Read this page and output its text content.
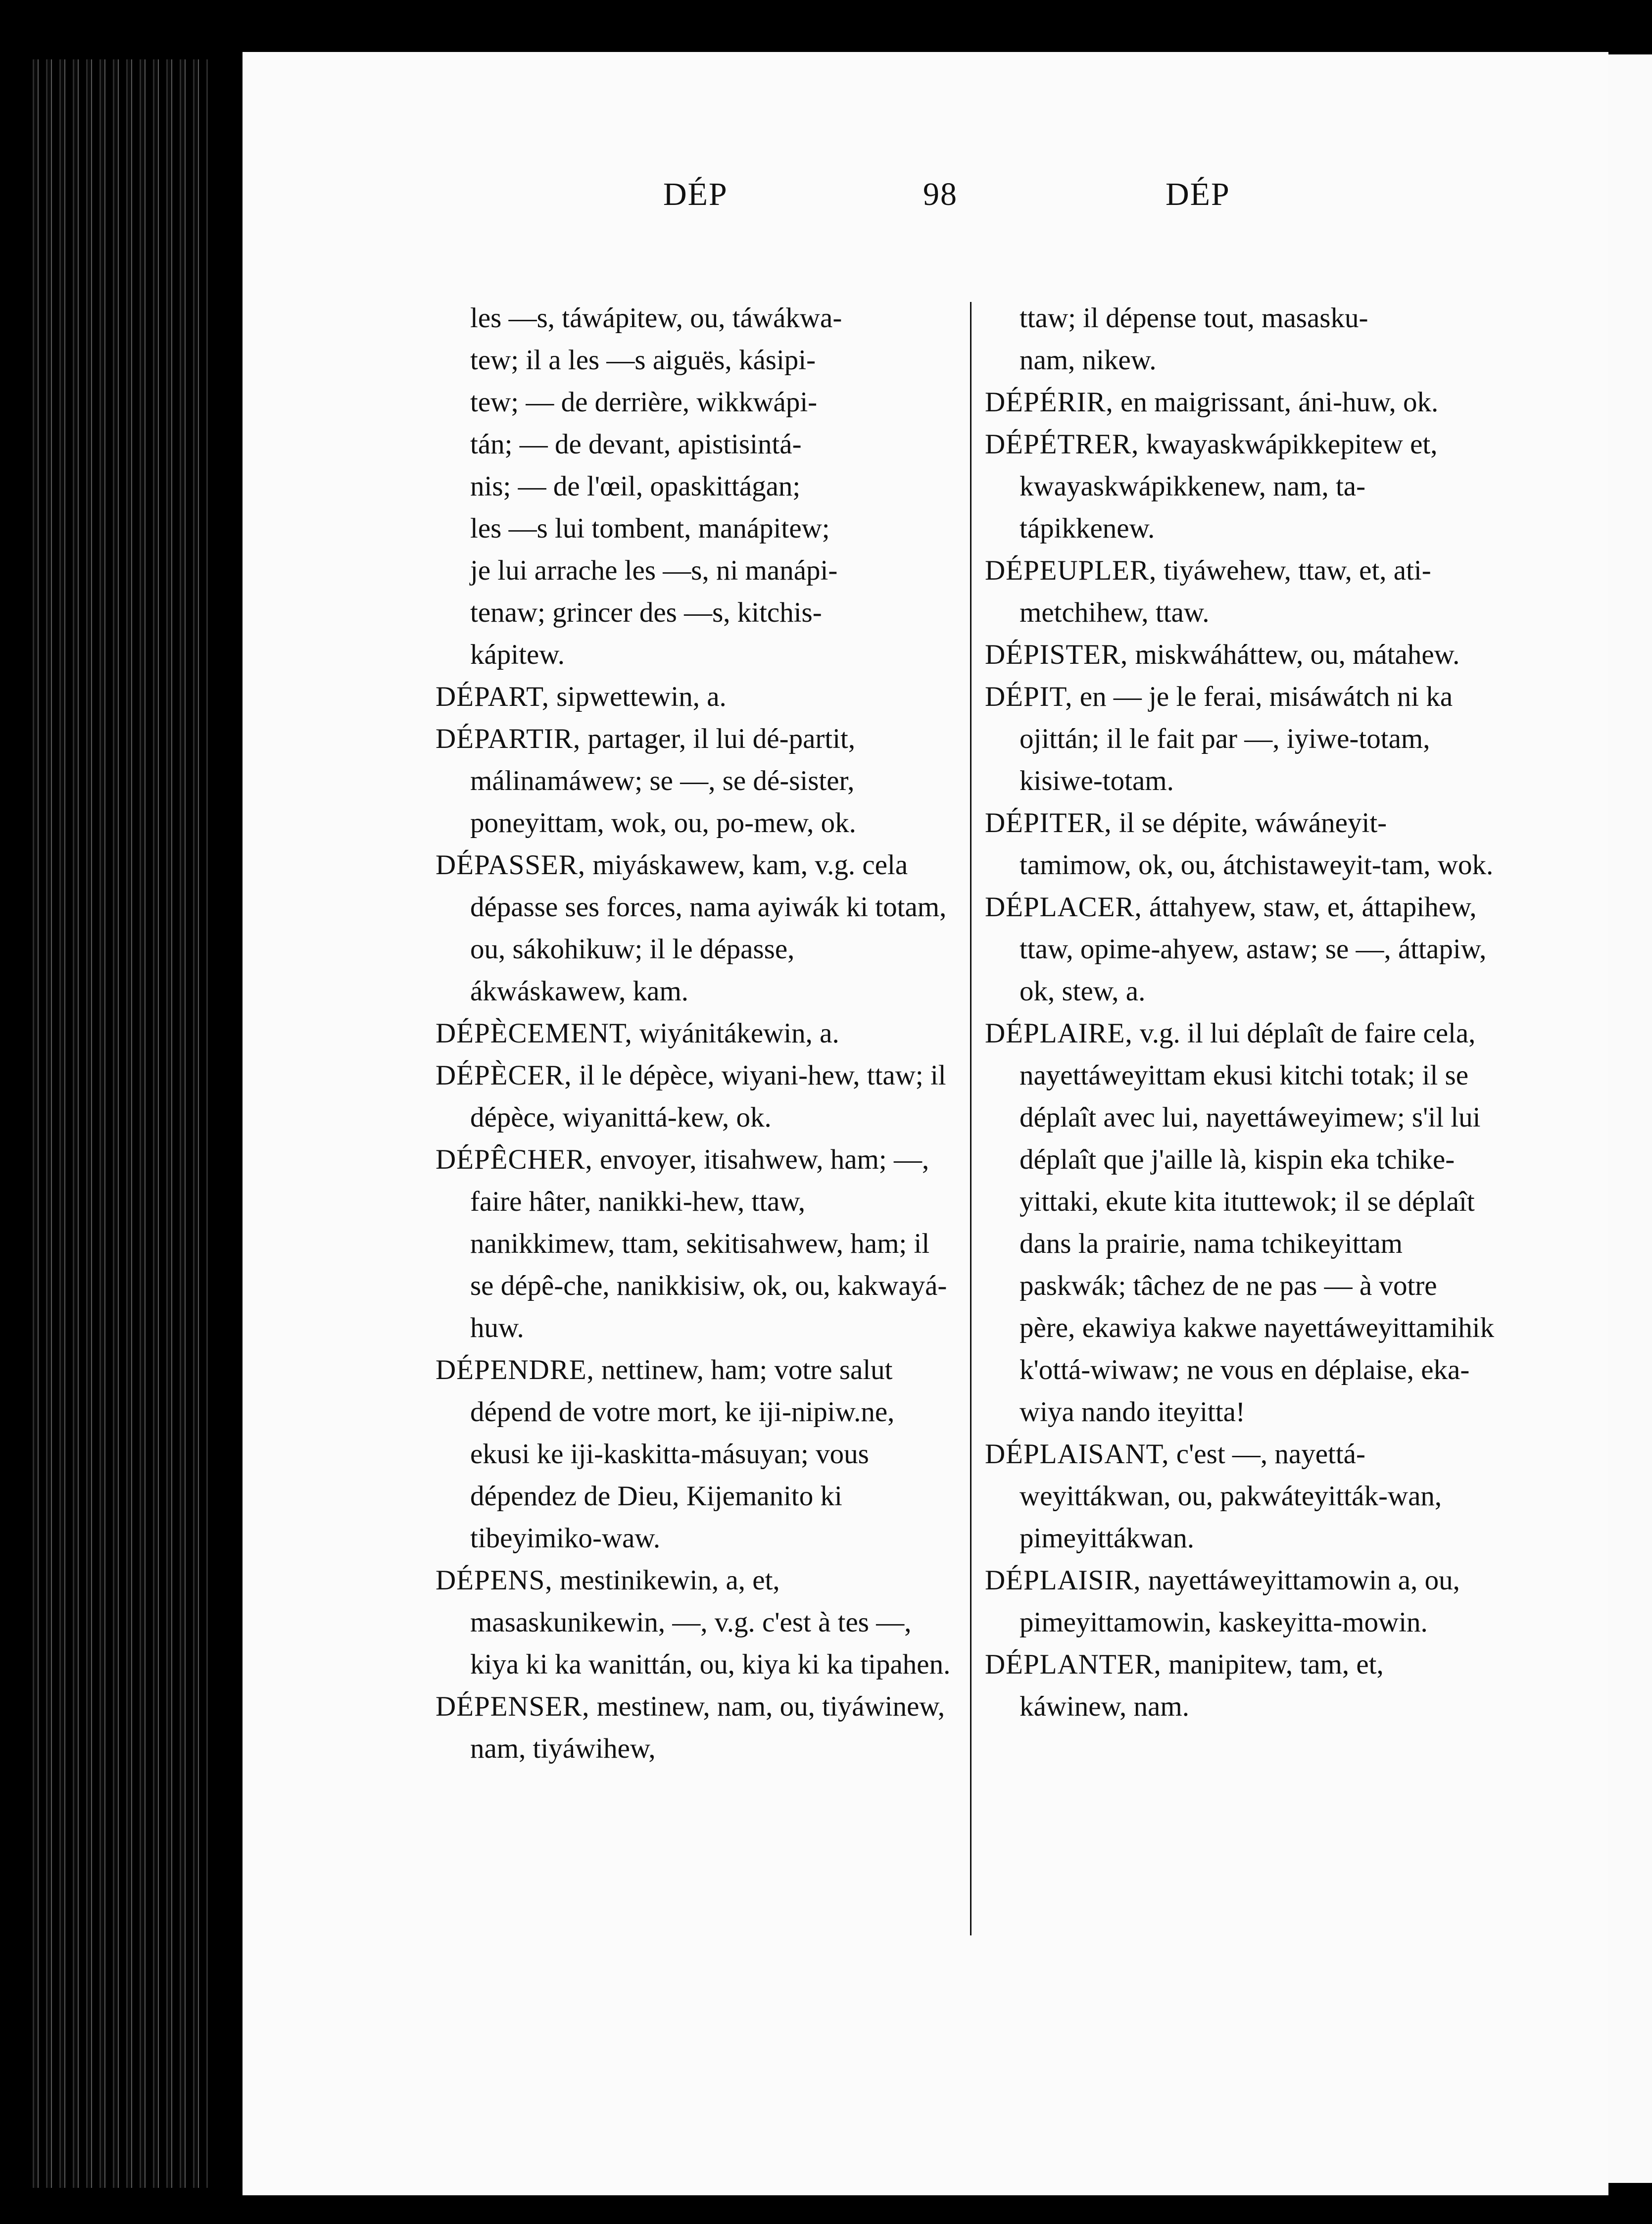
DÉP	98	DÉP

les —s, táwápitew, ou, táwákwa-

tew; il a les —s aiguës, kásipi-

tew; — de derrière, wikkwápi-

tán; — de devant, apistisintá-

nis; — de l'œil, opaskittágan;

les —s lui tombent, manápitew;

je lui arrache les —s, ni manápi-

tenaw; grincer des —s, kitchis-

kápitew.

DÉPART, sipwettewin, a.

DÉPARTIR, partager, il lui dé-partit, málinamáwew; se —, se dé-sister, poneyittam, wok, ou, po-mew, ok.

DÉPASSER, miyáskawew, kam, v.g. cela dépasse ses forces, nama ayiwák ki totam, ou, sákohikuw; il le dépasse, ákwáskawew, kam.

DÉPÈCEMENT, wiyánitákewin, a.

DÉPÈCER, il le dépèce, wiyani-hew, ttaw; il dépèce, wiyanittá-kew, ok.

DÉPÊCHER, envoyer, itisahwew, ham; —, faire hâter, nanikki-hew, ttaw, nanikkimew, ttam, sekitisahwew, ham; il se dépê-che, nanikkisiw, ok, ou, kakwayá-huw.

DÉPENDRE, nettinew, ham; votre salut dépend de votre mort, ke iji-nipiw.ne, ekusi ke iji-kaskitta-másuyan; vous dépendez de Dieu, Kijemanito ki tibeyimiko-waw.

DÉPENS, mestinikewin, a, et, masaskunikewin, —, v.g. c'est à tes —, kiya ki ka wanittán, ou, kiya ki ka tipahen.

DÉPENSER, mestinew, nam, ou, tiyáwinew, nam, tiyáwihew,

ttaw; il dépense tout, masasku-

nam, nikew.

DÉPÉRIR, en maigrissant, áni-huw, ok.

DÉPÉTRER, kwayaskwápikkepitew et, kwayaskwápikkenew, nam, ta-tápikkenew.

DÉPEUPLER, tiyáwehew, ttaw, et, ati-metchihew, ttaw.

DÉPISTER, miskwáháttew, ou, mátahew.

DÉPIT, en — je le ferai, misáwátch ni ka ojittán; il le fait par —, iyiwe-totam, kisiwe-totam.

DÉPITER, il se dépite, wáwáneyit-tamimow, ok, ou, átchistaweyit-tam, wok.

DÉPLACER, áttahyew, staw, et, áttapihew, ttaw, opime-ahyew, astaw; se —, áttapiw, ok, stew, a.

DÉPLAIRE, v.g. il lui déplaît de faire cela, nayettáweyittam ekusi kitchi totak; il se déplaît avec lui, nayettáweyimew; s'il lui déplaît que j'aille là, kispin eka tchike-yittaki, ekute kita ituttewok; il se déplaît dans la prairie, nama tchikeyittam paskwák; tâchez de ne pas — à votre père, ekawiya kakwe nayettáweyittamihik k'ottá-wiwaw; ne vous en déplaise, eka-wiya nando iteyitta!

DÉPLAISANT, c'est —, nayettá-weyittákwan, ou, pakwáteyitták-wan, pimeyittákwan.

DÉPLAISIR, nayettáweyittamowin a, ou, pimeyittamowin, kaskeyitta-mowin.

DÉPLANTER, manipitew, tam, et, káwinew, nam.
